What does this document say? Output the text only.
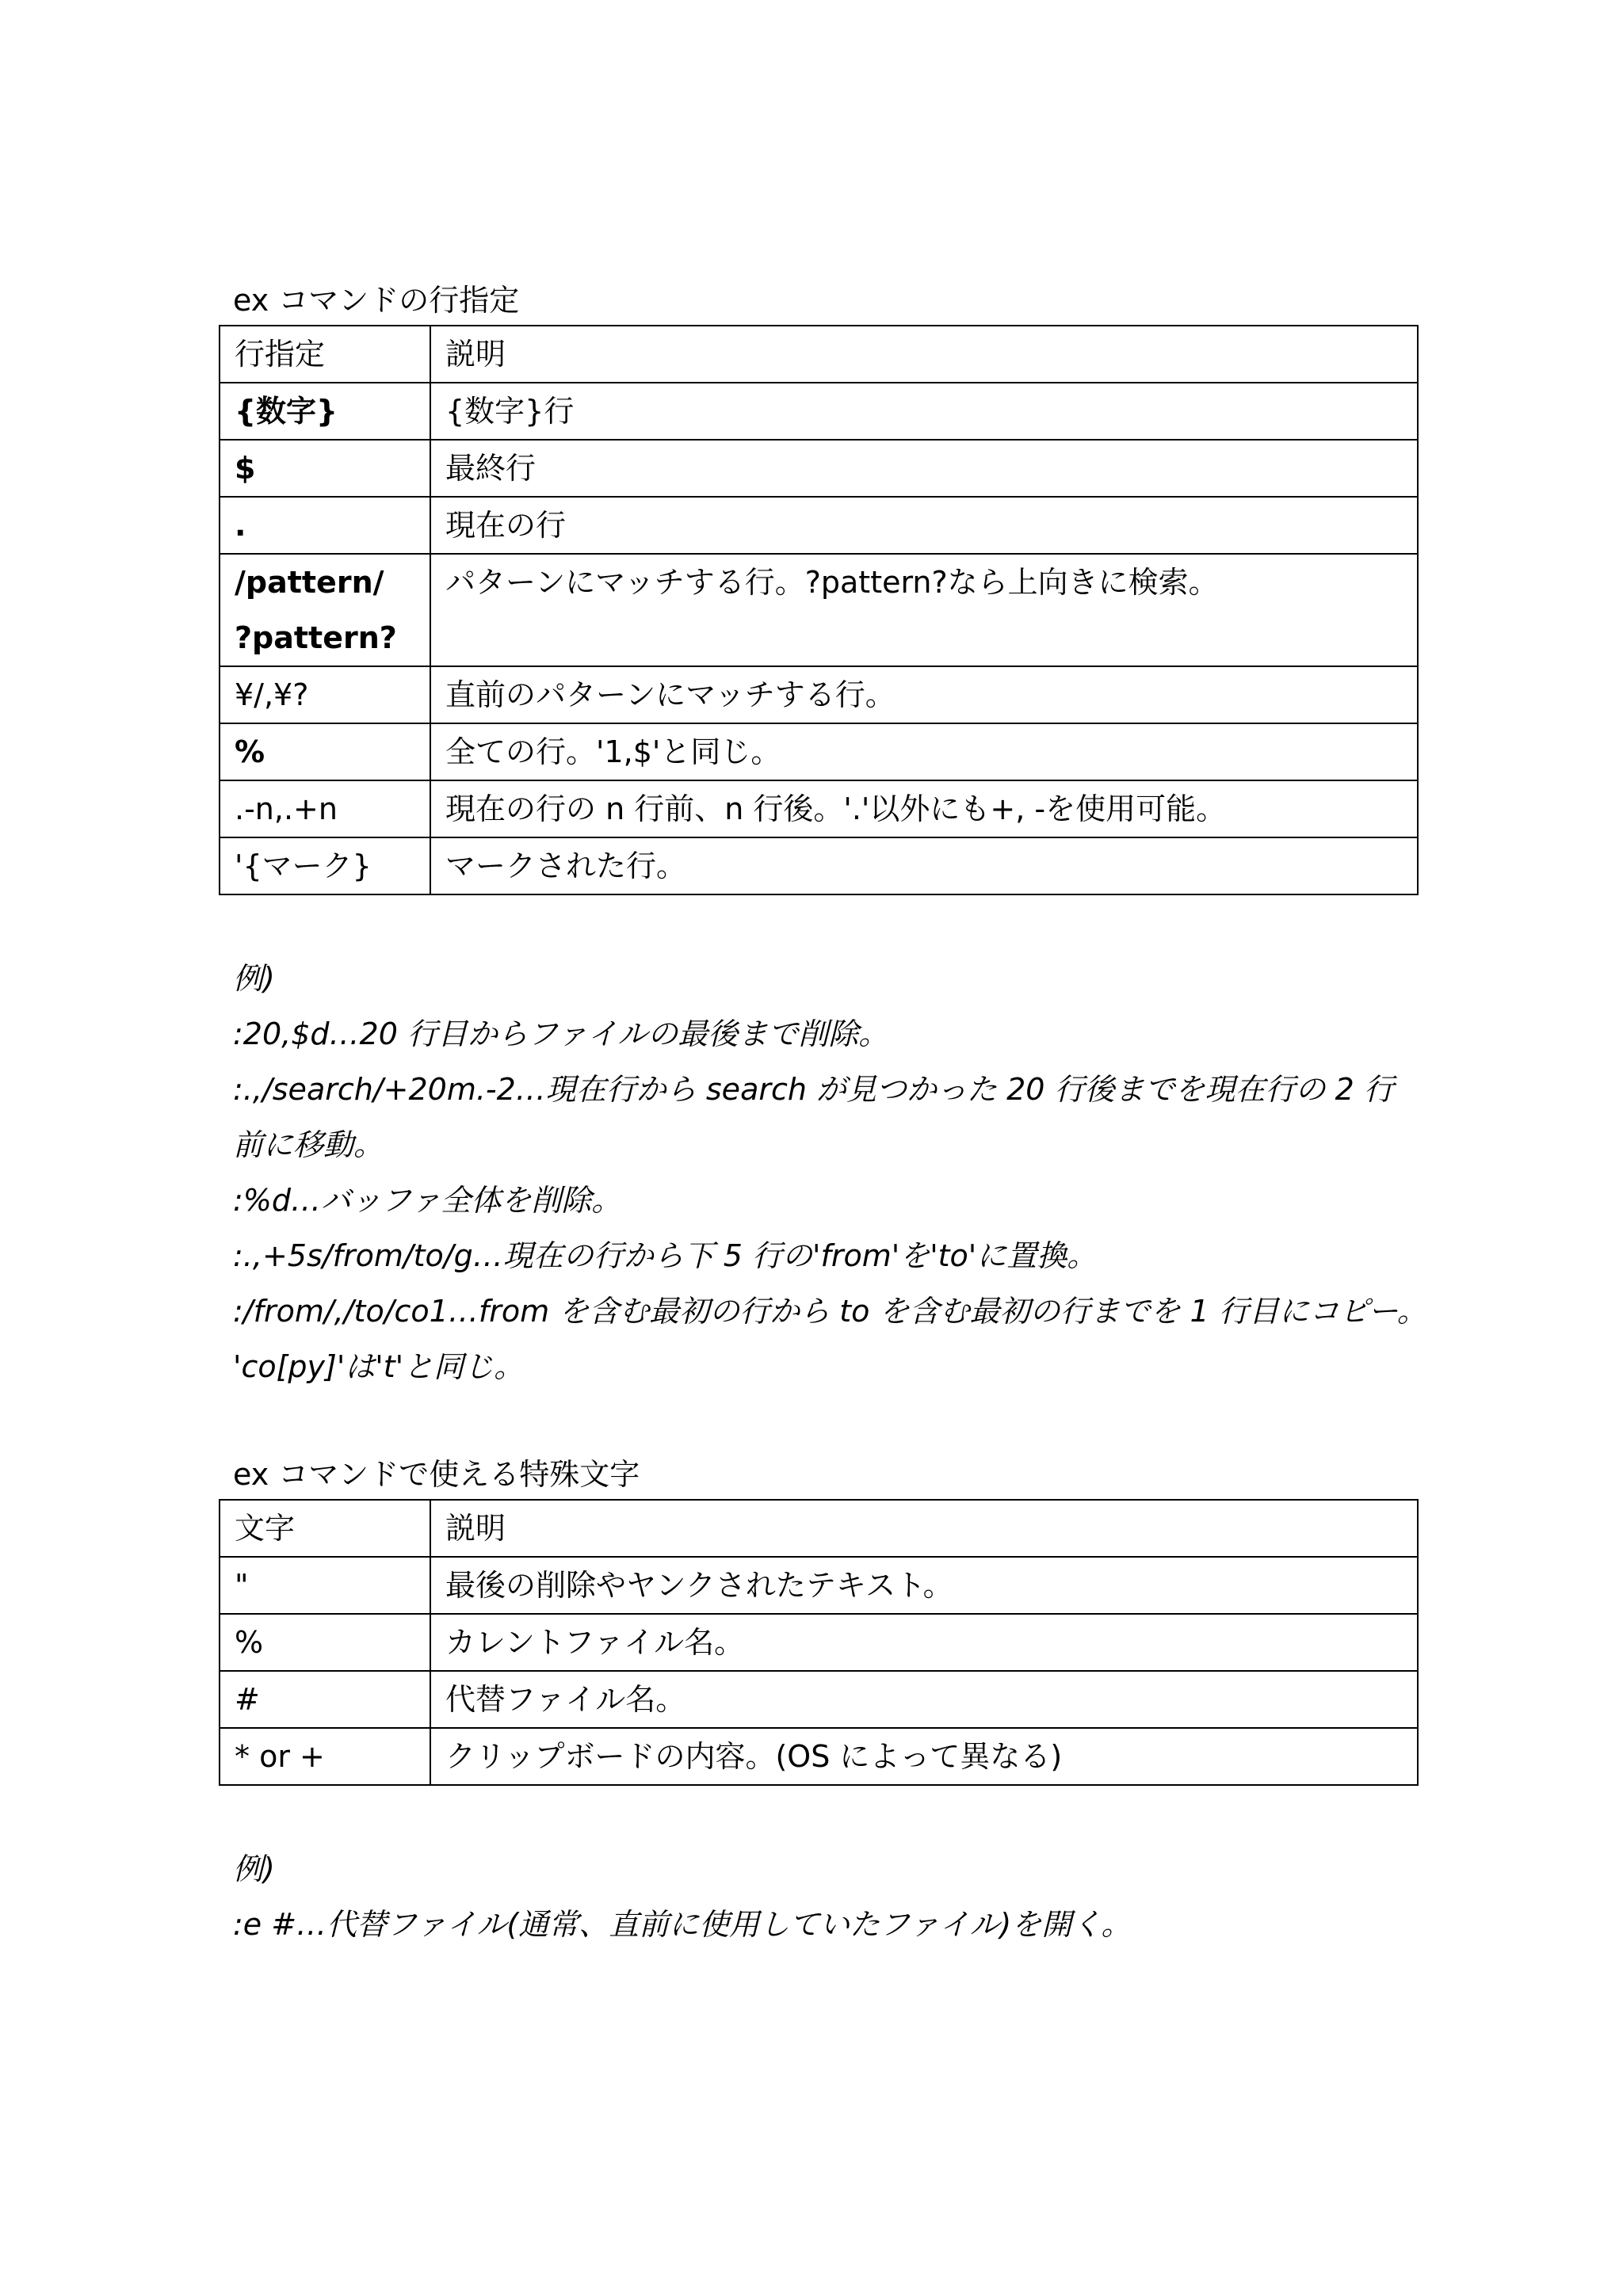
ex コマンドの行指定

行指定	説明
{数字}	{数字}行
$	最終行
.	現在の行

/pattern/
?pattern?	パターンにマッチする行。?pattern?なら上向きに検索。
¥/,¥?	直前のパターンにマッチする行。
%	全ての行。'1,$'と同じ。
.-n,.+n	現在の行の n 行前、n 行後。'.'以外にも+, -を使用可能。
'{マーク}	マークされた行。
例)
:20,$d…20 行目からファイルの最後まで削除。
:.,/search/+20m.-2…現在行から search が見つかった 20 行後までを現在行の 2 行
前に移動。
:%d…バッファ全体を削除。
:.,+5s/from/to/g…現在の行から下 5 行の'from'を'to'に置換。
:/from/,/to/co1…from を含む最初の行から to を含む最初の行までを 1 行目にコピー。
'co[py]'は't'と同じ。

ex コマンドで使える特殊文字

文字	説明
"	最後の削除やヤンクされたテキスト。
%	カレントファイル名。
#	代替ファイル名。
* or +	クリップボードの内容。(OS によって異なる)
例)
:e #…代替ファイル(通常、直前に使用していたファイル)を開く。
